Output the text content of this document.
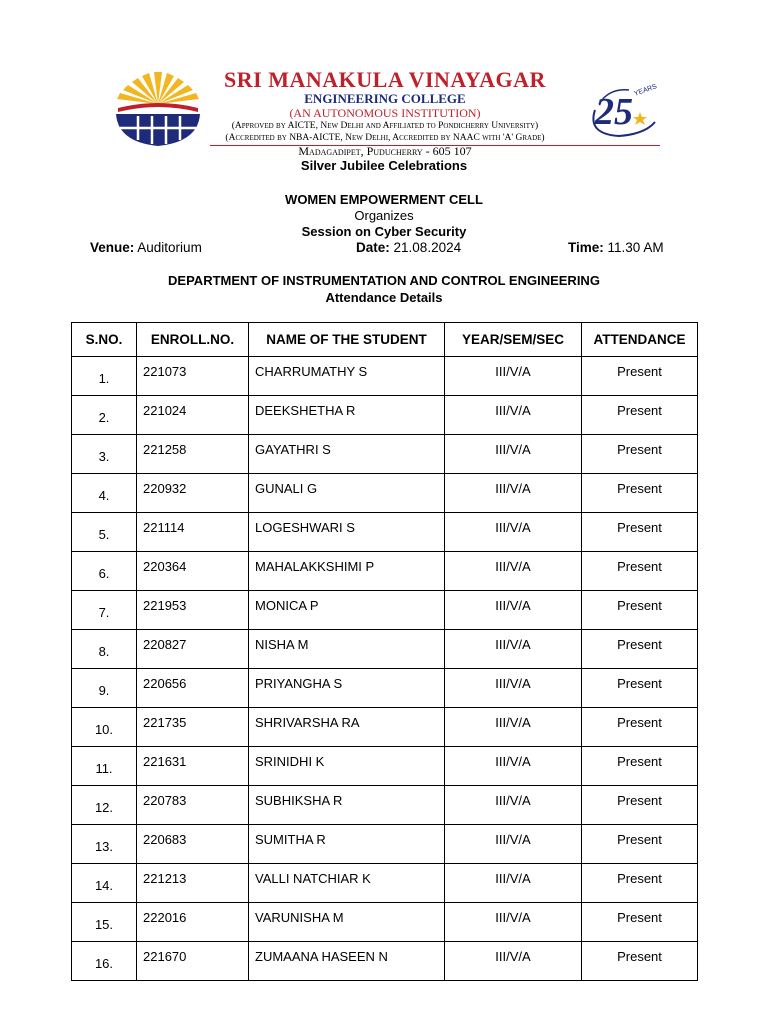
SRI MANAKULA VINAYAGAR
ENGINEERING COLLEGE
(AN AUTONOMOUS INSTITUTION)
(Approved by AICTE, New Delhi and Affiliated to Pondicherry University)
(Accredited by NBA-AICTE, New Delhi, Accredited by NAAC with 'A' Grade)
Madagadipet, Puducherry - 605 107
25
YEARS
Silver Jubilee Celebrations
WOMEN EMPOWERMENT CELL
Organizes
Session on Cyber Security
Venue: Auditorium	Date: 21.08.2024	Time: 11.30 AM
DEPARTMENT OF INSTRUMENTATION AND CONTROL ENGINEERING
Attendance Details
S.NO.	ENROLL.NO.	NAME OF THE STUDENT	YEAR/SEM/SEC	ATTENDANCE
1.	221073	CHARRUMATHY S	III/V/A	Present
2.	221024	DEEKSHETHA R	III/V/A	Present
3.	221258	GAYATHRI S	III/V/A	Present
4.	220932	GUNALI G	III/V/A	Present
5.	221114	LOGESHWARI S	III/V/A	Present
6.	220364	MAHALAKKSHIMI P	III/V/A	Present
7.	221953	MONICA P	III/V/A	Present
8.	220827	NISHA M	III/V/A	Present
9.	220656	PRIYANGHA S	III/V/A	Present
10.	221735	SHRIVARSHA RA	III/V/A	Present
11.	221631	SRINIDHI K	III/V/A	Present
12.	220783	SUBHIKSHA R	III/V/A	Present
13.	220683	SUMITHA R	III/V/A	Present
14.	221213	VALLI NATCHIAR K	III/V/A	Present
15.	222016	VARUNISHA M	III/V/A	Present
16.	221670	ZUMAANA HASEEN N	III/V/A	Present
